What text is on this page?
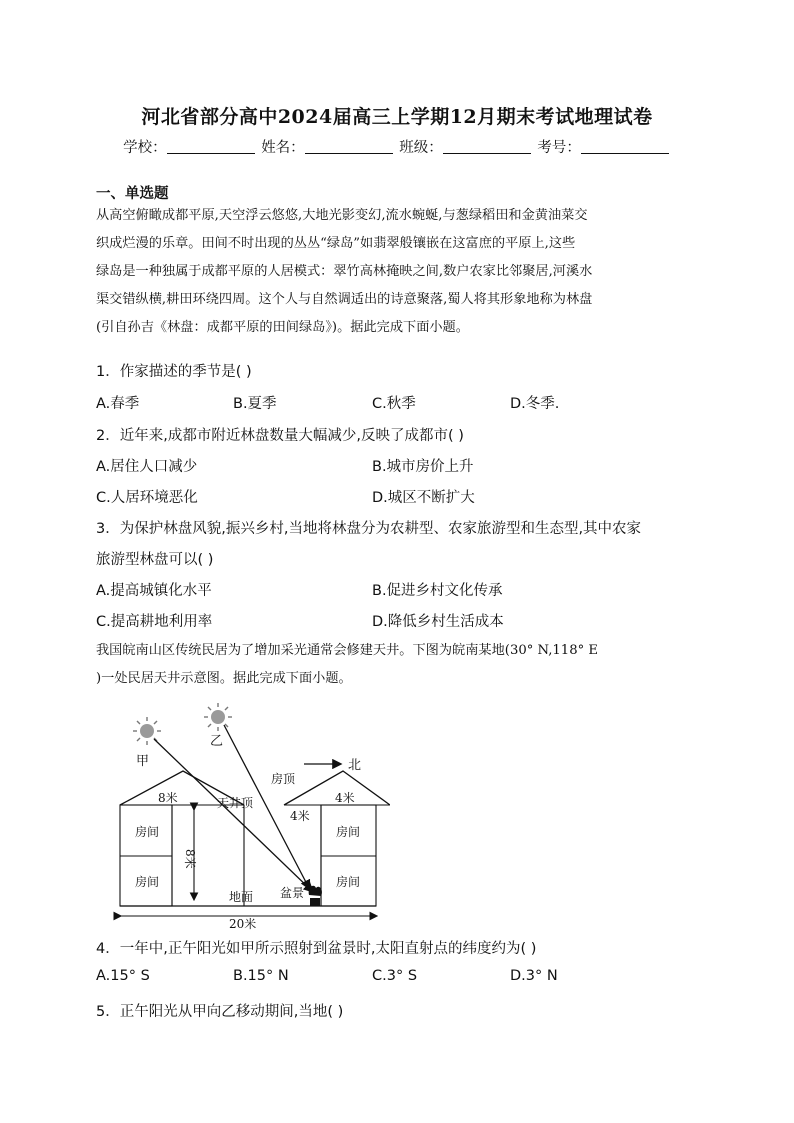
河北省部分高中2024届高三上学期12月期末考试地理试卷
学校：	姓名：	班级：	考号：
一、单选题
从高空俯瞰成都平原,天空浮云悠悠,大地光影变幻,流水蜿蜒,与葱绿稻田和金黄油菜交
织成烂漫的乐章。田间不时出现的丛丛“绿岛”如翡翠般镶嵌在这富庶的平原上,这些
绿岛是一种独属于成都平原的人居模式：翠竹高林掩映之间,数户农家比邻聚居,河溪水
渠交错纵横,耕田环绕四周。这个人与自然调适出的诗意聚落,蜀人将其形象地称为林盘
(引自孙吉《林盘：成都平原的田间绿岛》)。据此完成下面小题。
1．作家描述的季节是( )
A.春季	B.夏季	C.秋季	D.冬季.
2．近年来,成都市附近林盘数量大幅减少,反映了成都市( )
A.居住人口减少	B.城市房价上升
C.人居环境恶化	D.城区不断扩大
3．为保护林盘风貌,振兴乡村,当地将林盘分为农耕型、农家旅游型和生态型,其中农家
旅游型林盘可以( )
A.提高城镇化水平	B.促进乡村文化传承
C.提高耕地利用率	D.降低乡村生活成本
我国皖南山区传统民居为了增加采光通常会修建天井。下图为皖南某地(30° N,118° E
)一处民居天井示意图。据此完成下面小题。
甲
乙
北
8米
房间
房间
8米
天井顶
房顶
4米
房间
房间
4米
盆景
地面
20米
4．一年中,正午阳光如甲所示照射到盆景时,太阳直射点的纬度约为( )
A.15° S	B.15° N	C.3° S	D.3° N
5．正午阳光从甲向乙移动期间,当地( )
